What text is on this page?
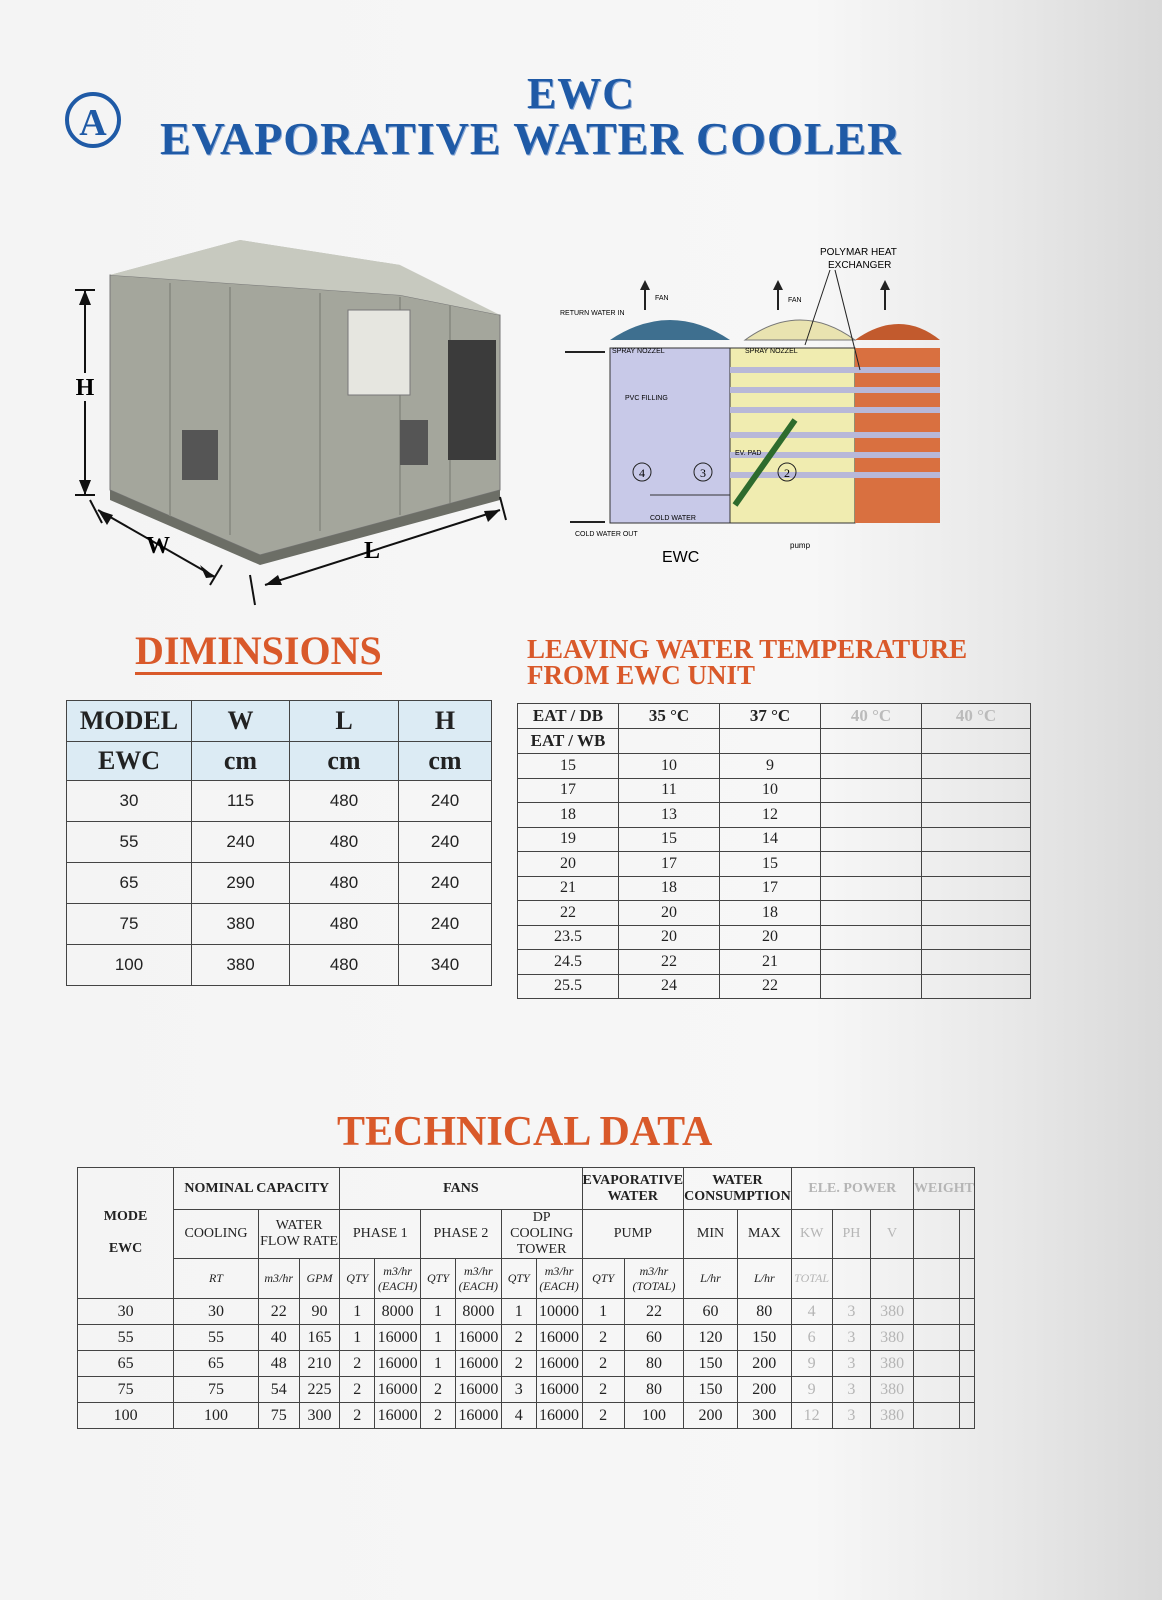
A
EWC
EVAPORATIVE WATER COOLER
H
W	L
POLYMAR HEAT
EXCHANGER
FAN	FAN
RETURN WATER IN
SPRAY NOZZEL	SPRAY NOZZEL
PVC FILLING
EV. PAD
4	3	2
COLD WATER
COLD WATER OUT
pump
EWC
DIMINSIONS
MODEL	W	L	H
EWC	cm	cm	cm
30	115	480	240
55	240	480	240
65	290	480	240
75	380	480	240
100	380	480	340
LEAVING WATER TEMPERATURE
FROM EWC UNIT
EAT / DB	35 °C	37 °C	40 °C	40 °C
EAT / WB				
15	10	9		
17	11	10		
18	13	12		
19	15	14		
20	17	15		
21	18	17		
22	20	18		
23.5	20	20		
24.5	22	21		
25.5	24	22		
TECHNICAL DATA
MODE

EWC	NOMINAL CAPACITY			FANS						EVAPORATIVE WATER		WATER CONSUMPTION		ELE. POWER			WEIGHT	
	COOLING	WATER FLOW RATE		PHASE 1		PHASE 2		DP COOLING TOWER		PUMP		MIN	MAX	KW	PH	V		
	RT	m3/hr	GPM	QTY	m3/hr (EACH)	QTY	m3/hr (EACH)	QTY	m3/hr (EACH)	QTY	m3/hr (TOTAL)	L/hr	L/hr	TOTAL				
30	30	22	90	1	8000	1	8000	1	10000	1	22	60	80	4	3	380		
55	55	40	165	1	16000	1	16000	2	16000	2	60	120	150	6	3	380		
65	65	48	210	2	16000	1	16000	2	16000	2	80	150	200	9	3	380		
75	75	54	225	2	16000	2	16000	3	16000	2	80	150	200	9	3	380		
100	100	75	300	2	16000	2	16000	4	16000	2	100	200	300	12	3	380		
